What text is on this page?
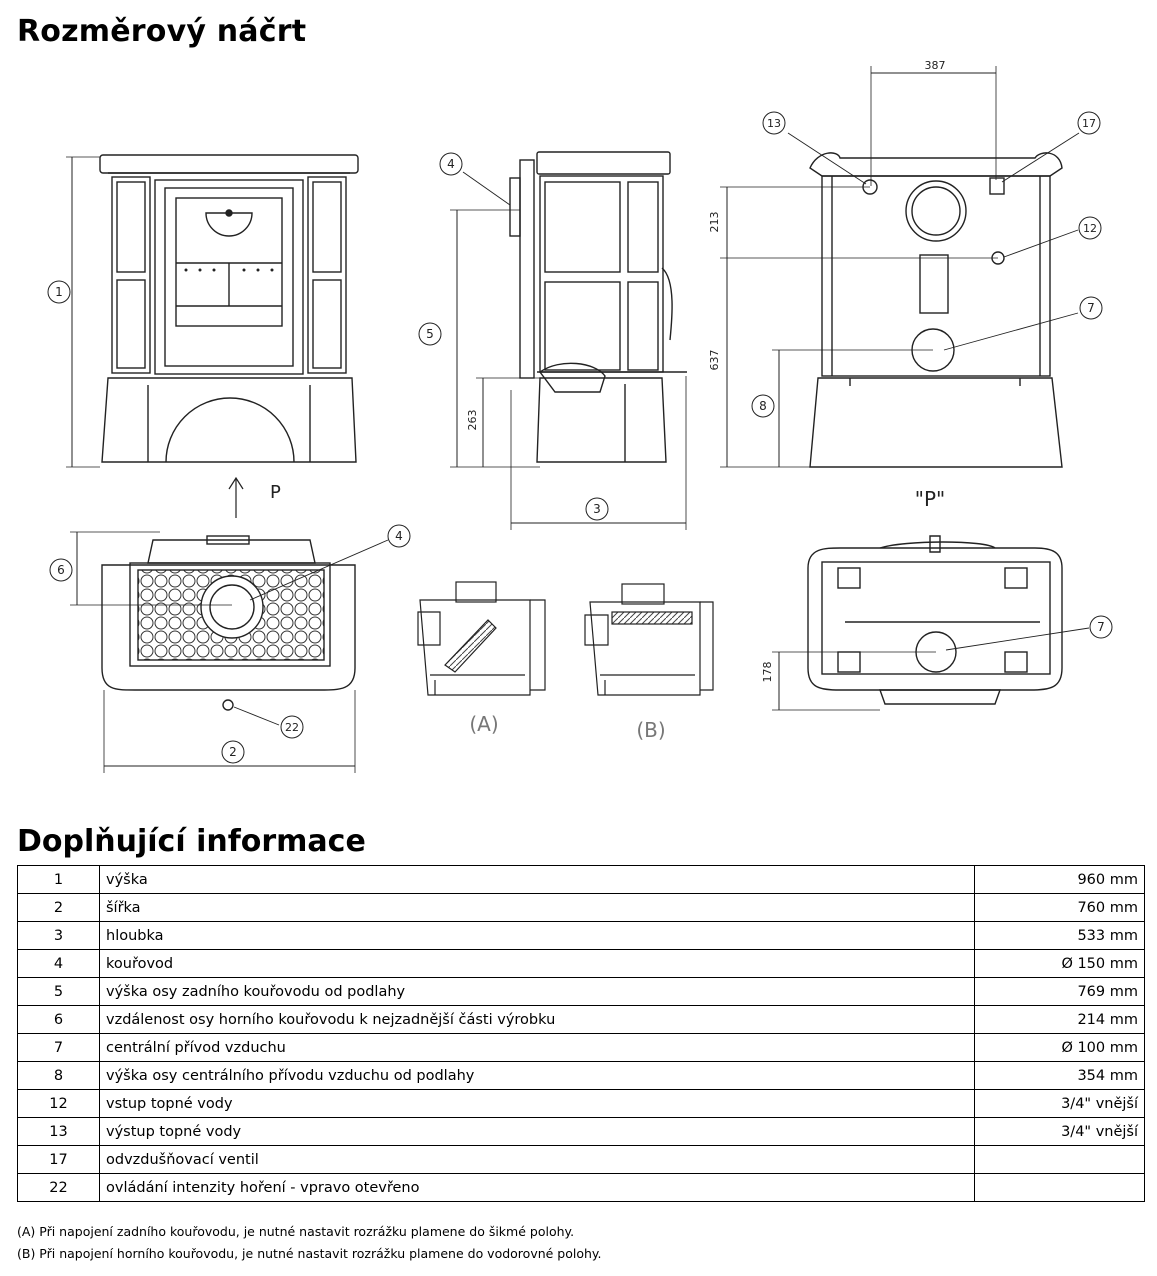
Rozměrový náčrt
1
2
3
4
4
5
6
7
7
8
12
13	17
22
387
213
637
263
178
P	"P"
(A)	(B)
Doplňující informace
1	výška	960 mm
2	šířka	760 mm
3	hloubka	533 mm
4	kouřovod	Ø 150 mm
5	výška osy zadního kouřovodu od podlahy	769 mm
6	vzdálenost osy horního kouřovodu k nejzadnější části výrobku	214 mm
7	centrální přívod vzduchu	Ø 100 mm
8	výška osy centrálního přívodu vzduchu od podlahy	354 mm
12	vstup topné vody	3/4" vnější
13	výstup topné vody	3/4" vnější
17	odvzdušňovací ventil	
22	ovládání intenzity hoření - vpravo otevřeno	
(A) Při napojení zadního kouřovodu, je nutné nastavit rozrážku plamene do šikmé polohy.
(B) Při napojení horního kouřovodu, je nutné nastavit rozrážku plamene do vodorovné polohy.
